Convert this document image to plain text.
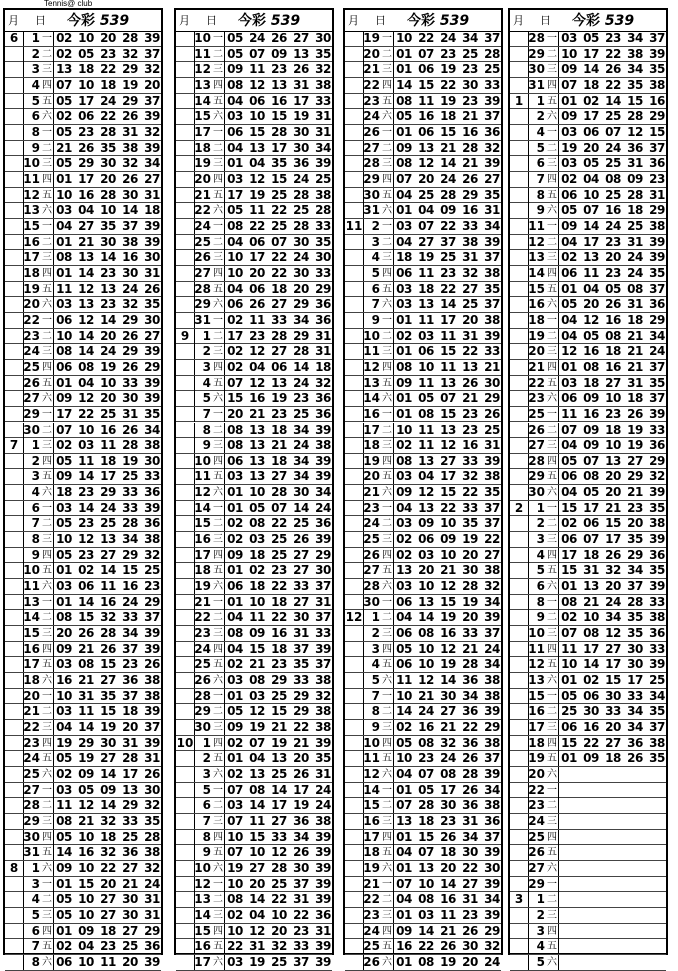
Tennis@ club
月 日 今彩 539
6	1 一 02 10 20 28 39
2 二 02 05 23 32 37
3 三 13 18 22 29 32
4 四 07 10 18 19 20
5 五 05 17 24 29 37
6 六 02 06 22 26 39
8 一 05 23 28 31 32
9 二 21 26 35 38 39
10 三 05 29 30 32 34
11 四 01 17 20 26 27
12 五 10 16 28 30 31
13 六 03 04 10 14 18
15 一 04 27 35 37 39
16 二 01 21 30 38 39
17 三 08 13 14 16 30
18 四 01 14 23 30 31
19 五 11 12 13 24 26
20 六 03 13 23 32 35
22 一 06 12 14 29 30
23 二 10 14 20 26 27
24 三 08 14 24 29 39
25 四 06 08 19 26 29
26 五 01 04 10 33 39
27 六 09 12 20 30 39
29 一 17 22 25 31 35
30 二 07 10 16 26 34
7	1 三 02 03 11 28 38
2 四 05 11 18 19 30
3 五 09 14 17 25 33
4 六 18 23 29 33 36
6 一 03 14 24 33 39
7 二 05 23 25 28 36
8 三 10 12 13 34 38
9 四 05 23 27 29 32
10 五 01 02 14 15 25
11 六 03 06 11 16 23
13 一 01 14 16 24 29
14 二 08 15 32 33 37
15 三 20 26 28 34 39
16 四 09 21 26 37 39
17 五 03 08 15 23 26
18 六 16 21 27 36 38
20 一 10 31 35 37 38
21 二 03 11 15 18 39
22 三 04 14 19 20 37
23 四 19 29 30 31 39
24 五 05 19 27 28 31
25 六 02 09 14 17 26
27 一 03 05 09 13 30
28 二 11 12 14 29 32
29 三 08 21 32 33 35
30 四 05 10 18 25 28
31 五 14 16 32 36 38
8	1 六 09 10 22 27 32
3 一 01 15 20 21 24
4 二 05 10 27 30 31
5 三 05 10 27 30 31
6 四 01 09 18 27 29
7 五 02 04 23 25 36
8 六 06 10 11 20 39
月 日 今彩 539
10 一 05 24 26 27 30
11 二 05 07 09 13 35
12 三 09 11 23 26 32
13 四 08 12 13 31 38
14 五 04 06 16 17 33
15 六 03 10 15 19 31
17 一 06 15 28 30 31
18 二 04 13 17 30 34
19 三 01 04 35 36 39
20 四 03 12 15 24 25
21 五 17 19 25 28 38
22 六 05 11 22 25 28
24 一 08 22 25 28 33
25 二 04 06 07 30 35
26 三 10 17 22 24 30
27 四 10 20 22 30 33
28 五 04 06 18 20 29
29 六 06 26 27 29 36
31 一 02 11 33 34 36
9	1 二 17 23 28 29 31
2 三 02 12 27 28 31
3 四 02 04 06 14 18
4 五 07 12 13 24 32
5 六 15 16 19 23 36
7 一 20 21 23 25 36
8 二 08 13 18 34 39
9 三 08 13 21 24 38
10 四 06 13 18 34 39
11 五 03 13 27 34 39
12 六 01 10 28 30 34
14 一 01 05 07 14 24
15 二 02 08 22 25 36
16 三 02 03 25 26 39
17 四 09 18 25 27 29
18 五 01 02 23 27 30
19 六 06 18 22 33 37
21 一 01 10 18 27 31
22 二 04 11 22 30 37
23 三 08 09 16 31 33
24 四 04 15 18 37 39
25 五 02 21 23 35 37
26 六 03 08 29 33 38
28 一 01 03 25 29 32
29 二 05 12 15 29 38
30 三 09 19 21 22 38
10 1 四 02 07 19 21 39
2 五 01 04 13 20 35
3 六 02 13 25 26 31
5 一 07 08 14 17 24
6 二 03 14 17 19 24
7 三 07 11 27 36 38
8 四 10 15 33 34 39
9 五 07 10 12 26 39
10 六 19 27 28 30 39
12 一 10 20 25 37 39
13 二 08 14 22 31 39
14 三 02 04 10 22 36
15 四 10 12 20 23 31
16 五 22 31 32 33 39
17 六 03 19 25 37 39
月 日 今彩 539
19 一 10 22 24 34 37
20 二 01 07 23 25 28
21 三 01 06 19 23 25
22 四 14 15 22 30 33
23 五 08 11 19 23 39
24 六 05 16 18 21 37
26 一 01 06 15 16 36
27 二 09 13 21 28 32
28 三 08 12 14 21 39
29 四 07 20 24 26 27
30 五 04 25 28 29 35
31 六 01 04 09 16 31
11 2 一 03 07 22 33 34
3 二 04 27 37 38 39
4 三 18 19 25 31 37
5 四 06 11 23 32 38
6 五 03 18 22 27 35
7 六 03 13 14 25 37
9 一 01 11 17 20 38
10 二 02 03 11 31 39
11 三 01 06 15 22 33
12 四 08 10 11 13 21
13 五 09 11 13 26 30
14 六 01 05 07 21 29
16 一 01 08 15 23 26
17 二 10 11 13 23 25
18 三 02 11 12 16 31
19 四 08 13 27 33 39
20 五 03 04 17 32 38
21 六 09 12 15 22 35
23 一 04 13 22 33 37
24 二 03 09 10 35 37
25 三 02 06 09 19 22
26 四 02 03 10 20 27
27 五 13 20 21 30 38
28 六 03 10 12 28 32
30 一 06 13 15 19 34
12 1 二 04 14 19 20 39
2 三 06 08 16 33 37
3 四 05 10 12 21 24
4 五 06 10 19 28 34
5 六 11 12 14 36 38
7 一 10 21 30 34 38
8 二 14 24 27 36 39
9 三 02 16 21 22 29
10 四 05 08 32 36 38
11 五 10 23 24 26 37
12 六 04 07 08 28 39
14 一 01 05 17 26 34
15 二 07 28 30 36 38
16 三 13 18 23 31 36
17 四 01 15 26 34 37
18 五 04 07 18 30 39
19 六 01 13 20 22 30
21 一 07 10 14 27 39
22 二 04 08 16 31 34
23 三 01 03 11 23 39
24 四 09 14 21 26 29
25 五 16 22 26 30 32
26 六 01 08 19 20 24
月 日 今彩 539
28 一 03 05 23 34 37
29 二 10 17 22 38 39
30 三 09 14 26 34 35
31 四 07 18 22 35 38
1	1 五 01 02 14 15 16
2 六 09 17 25 28 29
4 一 03 06 07 12 15
5 二 19 20 24 36 37
6 三 03 05 25 31 36
7 四 02 04 08 09 23
8 五 06 10 25 28 31
9 六 05 07 16 18 29
11 一 09 14 24 25 38
12 二 04 17 23 31 39
13 三 02 13 20 24 39
14 四 06 11 23 24 35
15 五 01 04 05 08 37
16 六 05 20 26 31 36
18 一 04 12 16 18 29
19 二 04 05 08 21 34
20 三 12 16 18 21 24
21 四 01 08 16 21 37
22 五 03 18 27 31 35
23 六 06 09 10 18 37
25 一 11 16 23 26 39
26 二 07 09 18 19 33
27 三 04 09 10 19 36
28 四 05 07 13 27 29
29 五 06 08 20 29 32
30 六 04 05 20 21 39
2	1 一 15 17 21 23 35
2 二 02 06 15 20 38
3 三 06 07 17 35 39
4 四 17 18 26 29 36
5 五 15 31 32 34 35
6 六 01 13 20 37 39
8 一 08 21 24 28 33
9 二 02 10 34 35 38
10 三 07 08 12 35 36
11 四 11 17 27 30 33
12 五 10 14 17 30 39
13 六 01 02 15 17 25
15 一 05 06 30 33 34
16 二 25 30 33 34 35
17 三 06 16 20 34 37
18 四 15 22 27 36 38
19 五 01 09 18 26 35
20 六
22 一
23 二
24 三
25 四
26 五
27 六
29 一
3	1 二
2 三
3 四
4 五
5 六
